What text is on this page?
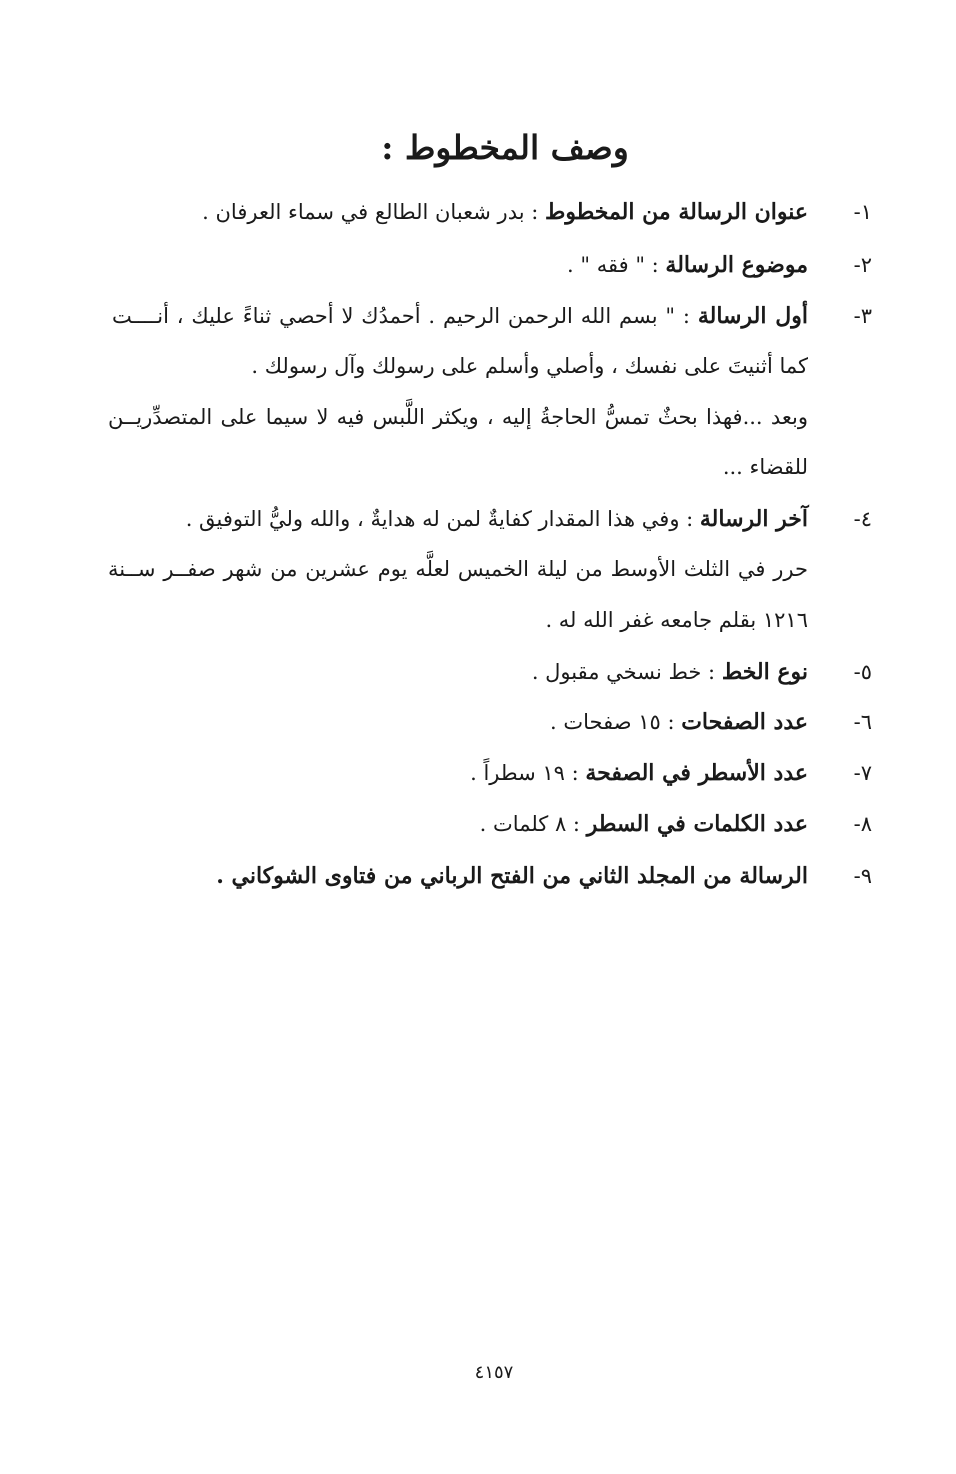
وصف المخطوط :
١-
عنوان الرسالة من المخطوط : بدر شعبان الطالع في سماء العرفان .
٢-
موضوع الرسالة : " فقه " .
٣-
أول الرسالة : " بسم الله الرحمن الرحيم . أحمدُك لا أحصي ثناءً عليك ، أنــــت
كما أثنيتَ على نفسك ، وأصلي وأسلم على رسولك وآل رسولك .
وبعد ...فهذا بحثٌ تمسُّ الحاجةُ إليه ، ويكثر اللَّبس فيه لا سيما على المتصدِّريــن
للقضاء ...
٤-
آخر الرسالة : وفي هذا المقدار كفايةٌ لمن له هدايةٌ ، والله وليُّ التوفيق .
حرر في الثلث الأوسط من ليلة الخميس لعلَّه يوم عشرين من شهر صفــر ســنة
١٢١٦ بقلم جامعه غفر الله له .
٥-
نوع الخط : خط نسخي مقبول .
٦-
عدد الصفحات : ١٥ صفحات .
٧-
عدد الأسطر في الصفحة : ١٩ سطراً .
٨-
عدد الكلمات في السطر : ٨ كلمات .
٩-
الرسالة من المجلد الثاني من الفتح الرباني من فتاوى الشوكاني .
٤١٥٧
